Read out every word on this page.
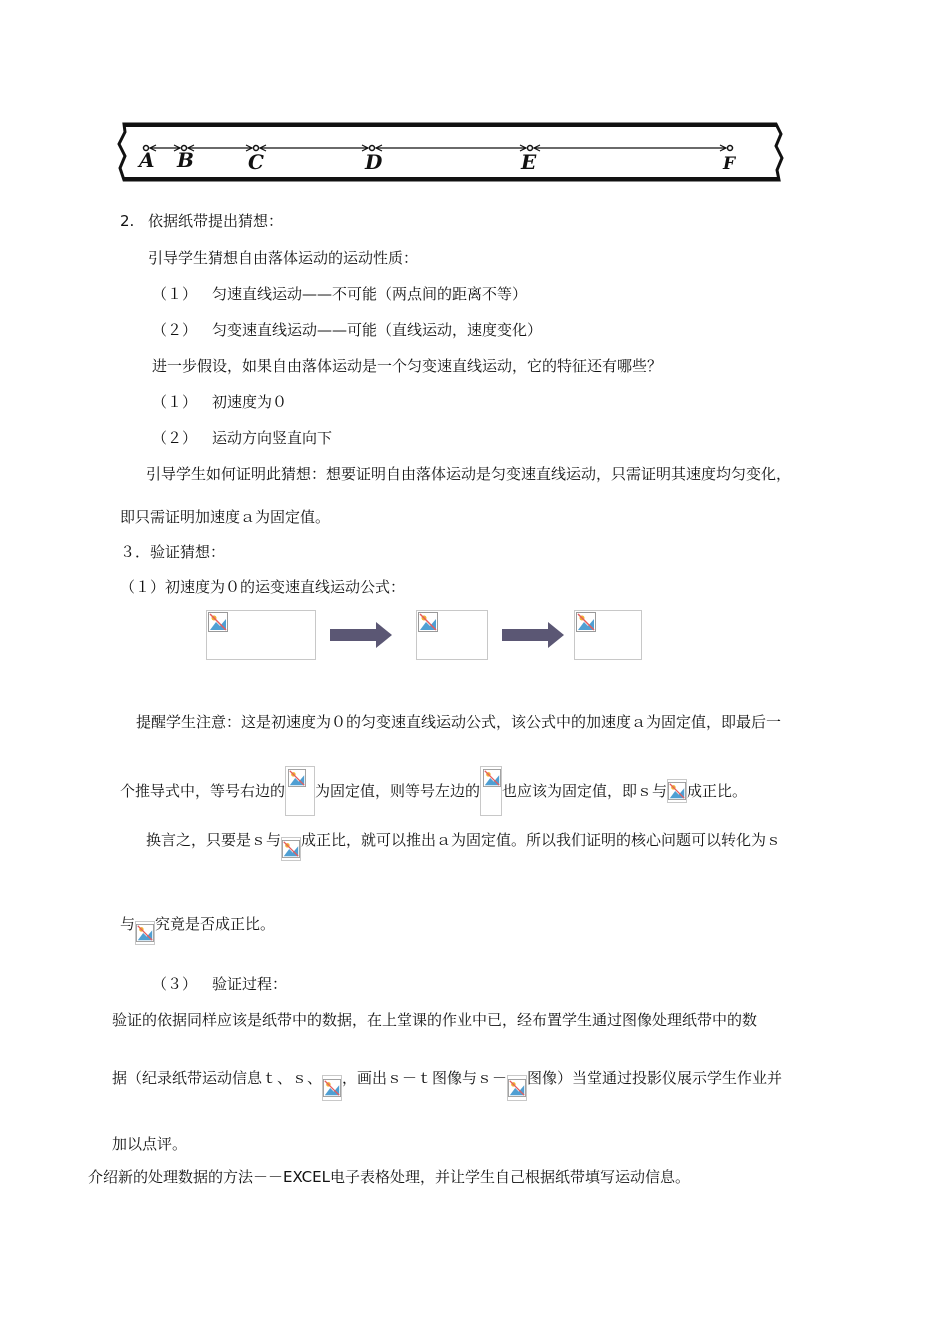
A B	C	D	E	F
2. 依据纸带提出猜想：
引导学生猜想自由落体运动的运动性质：
（１） 匀速直线运动——不可能（两点间的距离不等）
（２） 匀变速直线运动——可能（直线运动，速度变化）
进一步假设，如果自由落体运动是一个匀变速直线运动，它的特征还有哪些？
（１） 初速度为０
（２） 运动方向竖直向下
引导学生如何证明此猜想：想要证明自由落体运动是匀变速直线运动，只需证明其速度均匀变化，
即只需证明加速度ａ为固定值。
３．验证猜想：
（１）初速度为０的运变速直线运动公式：
提醒学生注意：这是初速度为０的匀变速直线运动公式，该公式中的加速度ａ为固定值，即最后一
个推导式中，等号右边的 为固定值，则等号左边的 也应该为固定值，即ｓ与 成正比。
换言之，只要是ｓ与 成正比，就可以推出ａ为固定值。所以我们证明的核心问题可以转化为ｓ
与 究竟是否成正比。
（３） 验证过程：
验证的依据同样应该是纸带中的数据，在上堂课的作业中已，经布置学生通过图像处理纸带中的数
据（纪录纸带运动信息ｔ、ｓ、 ，画出ｓ－ｔ图像与ｓ－ 图像）当堂通过投影仪展示学生作业并
加以点评。
介绍新的处理数据的方法－－EXCEL电子表格处理，并让学生自己根据纸带填写运动信息。
